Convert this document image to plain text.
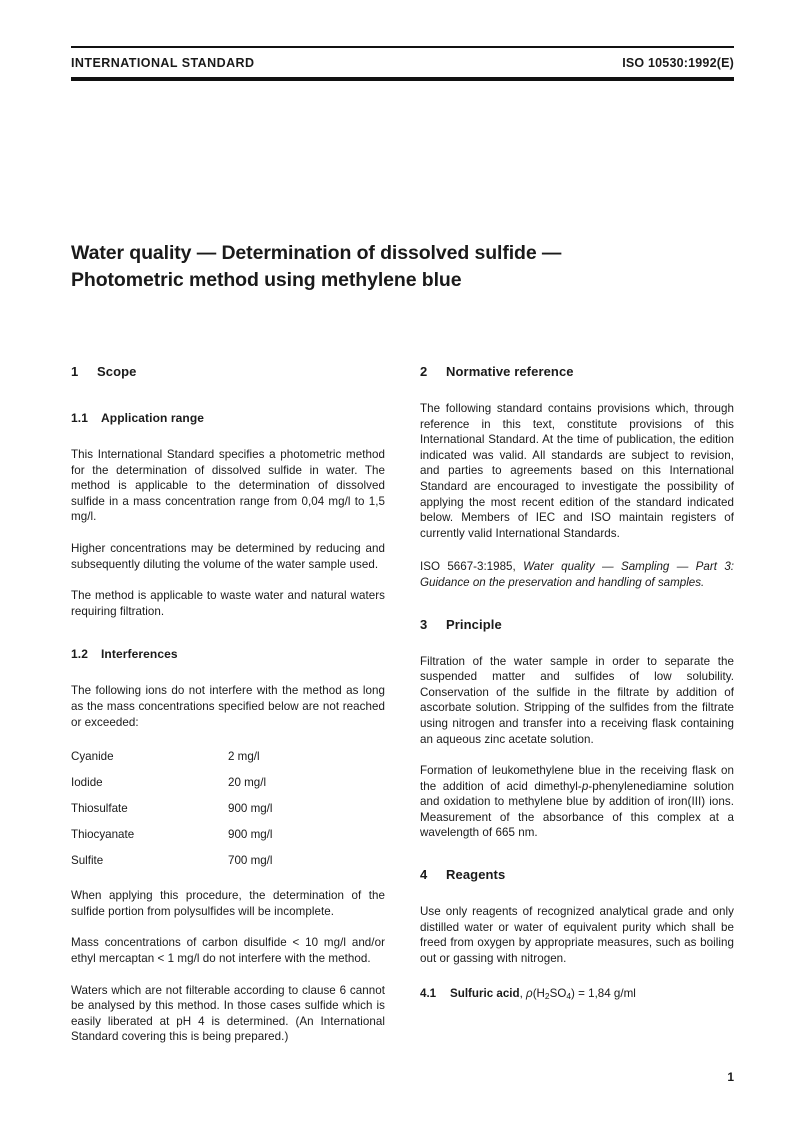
INTERNATIONAL STANDARD	ISO 10530:1992(E)
Water quality — Determination of dissolved sulfide —
Photometric method using methylene blue
1 Scope
1.1 Application range

This International Standard specifies a photometric method for the determination of dissolved sulfide in water. The method is applicable to the determination of dissolved sulfide in a mass concentration range from 0,04 mg/l to 1,5 mg/l.

Higher concentrations may be determined by reducing and subsequently diluting the volume of the water sample used.

The method is applicable to waste water and natural waters requiring filtration.

1.2 Interferences

The following ions do not interfere with the method as long as the mass concentrations specified below are not reached or exceeded:

Cyanide	2 mg/l
Iodide	20 mg/l
Thiosulfate	900 mg/l
Thiocyanate	900 mg/l
Sulfite	700 mg/l

When applying this procedure, the determination of the sulfide portion from polysulfides will be incomplete.

Mass concentrations of carbon disulfide < 10 mg/l and/or ethyl mercaptan < 1 mg/l do not interfere with the method.

Waters which are not filterable according to clause 6 cannot be analysed by this method. In those cases sulfide which is easily liberated at pH 4 is determined. (An International Standard covering this is being prepared.)

2 Normative reference

The following standard contains provisions which, through reference in this text, constitute provisions of this International Standard. At the time of publication, the edition indicated was valid. All standards are subject to revision, and parties to agreements based on this International Standard are encouraged to investigate the possibility of applying the most recent edition of the standard indicated below. Members of IEC and ISO maintain registers of currently valid International Standards.

ISO 5667-3:1985, Water quality — Sampling — Part 3: Guidance on the preservation and handling of samples.

3 Principle

Filtration of the water sample in order to separate the suspended matter and sulfides of low solubility. Conservation of the sulfide in the filtrate by addition of ascorbate solution. Stripping of the sulfides from the filtrate using nitrogen and transfer into a receiving flask containing an aqueous zinc acetate solution.

Formation of leukomethylene blue in the receiving flask on the addition of acid dimethyl-p-phenylenediamine solution and oxidation to methylene blue by addition of iron(III) ions. Measurement of the absorbance of this complex at a wavelength of 665 nm.

4 Reagents

Use only reagents of recognized analytical grade and only distilled water or water of equivalent purity which shall be freed from oxygen by appropriate measures, such as boiling out or gassing with nitrogen.

4.1 Sulfuric acid, $\rho(H_2SO_4) = 1,84$ g/ml

1
